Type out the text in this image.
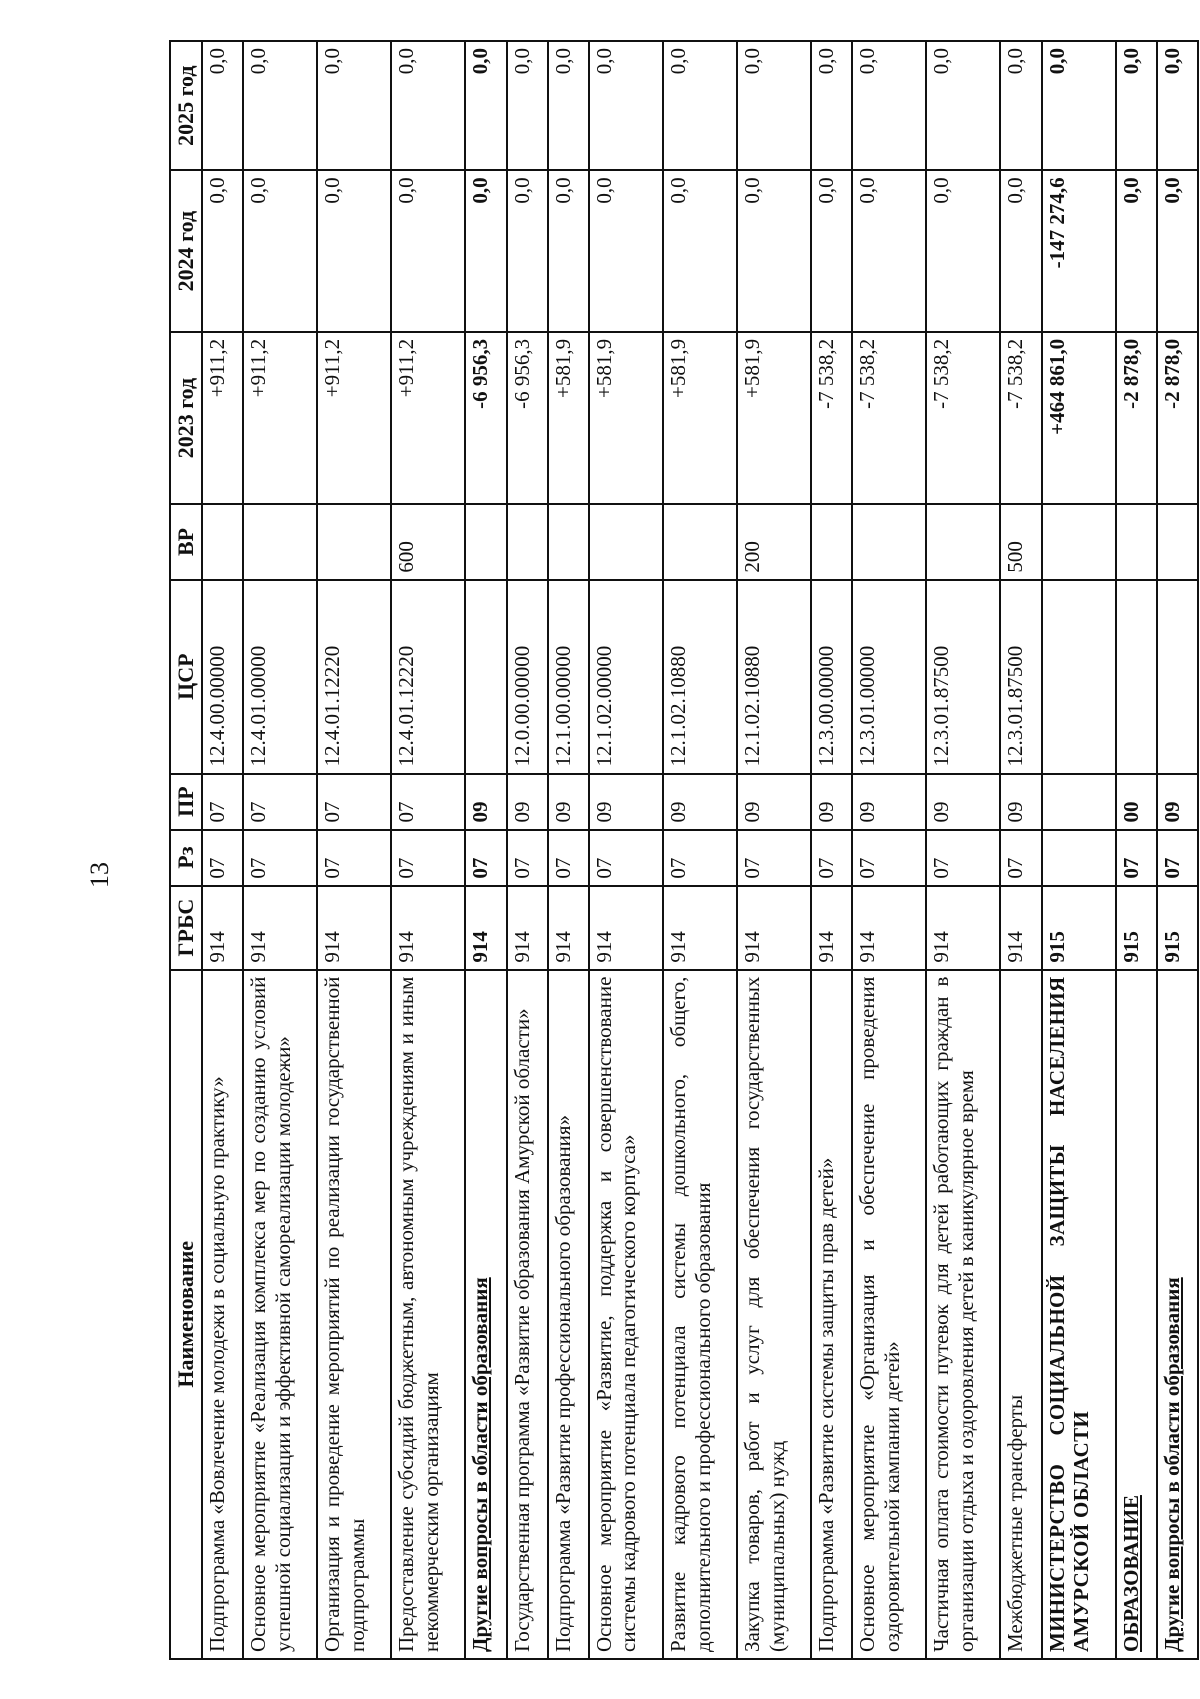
13
Наименование	ГРБС	Рз	ПР	ЦСР	ВР	2023 год	2024 год	2025 год
Подпрограмма «Вовлечение молодежи в социальную практику»	914	07	07	12.4.00.00000		+911,2	0,0	0,0
Основное мероприятие «Реализация комплекса мер по созданию условий успешной социализации и эффективной самореализации молодежи»	914	07	07	12.4.01.00000		+911,2	0,0	0,0
Организация и проведение мероприятий по реализации государственной подпрограммы	914	07	07	12.4.01.12220		+911,2	0,0	0,0
Предоставление субсидий бюджетным, автономным учреждениям и иным некоммерческим организациям	914	07	07	12.4.01.12220	600	+911,2	0,0	0,0
Другие вопросы в области образования	914	07	09			-6 956,3	0,0	0,0
Государственная программа «Развитие образования Амурской области»	914	07	09	12.0.00.00000		-6 956,3	0,0	0,0
Подпрограмма «Развитие профессионального образования»	914	07	09	12.1.00.00000		+581,9	0,0	0,0
Основное мероприятие «Развитие, поддержка и совершенствование системы кадрового потенциала педагогического корпуса»	914	07	09	12.1.02.00000		+581,9	0,0	0,0
Развитие кадрового потенциала системы дошкольного, общего, дополнительного и профессионального образования	914	07	09	12.1.02.10880		+581,9	0,0	0,0
Закупка товаров, работ и услуг для обеспечения государственных (муниципальных) нужд	914	07	09	12.1.02.10880	200	+581,9	0,0	0,0
Подпрограмма «Развитие системы защиты прав детей»	914	07	09	12.3.00.00000		-7 538,2	0,0	0,0
Основное мероприятие «Организация и обеспечение проведения оздоровительной кампании детей»	914	07	09	12.3.01.00000		-7 538,2	0,0	0,0
Частичная оплата стоимости путевок для детей работающих граждан в организации отдыха и оздоровления детей в каникулярное время	914	07	09	12.3.01.87500		-7 538,2	0,0	0,0
Межбюджетные трансферты	914	07	09	12.3.01.87500	500	-7 538,2	0,0	0,0
МИНИСТЕРСТВО СОЦИАЛЬНОЙ ЗАЩИТЫ НАСЕЛЕНИЯ АМУРСКОЙ ОБЛАСТИ	915					+464 861,0	-147 274,6	0,0
ОБРАЗОВАНИЕ	915	07	00			-2 878,0	0,0	0,0
Другие вопросы в области образования	915	07	09			-2 878,0	0,0	0,0
